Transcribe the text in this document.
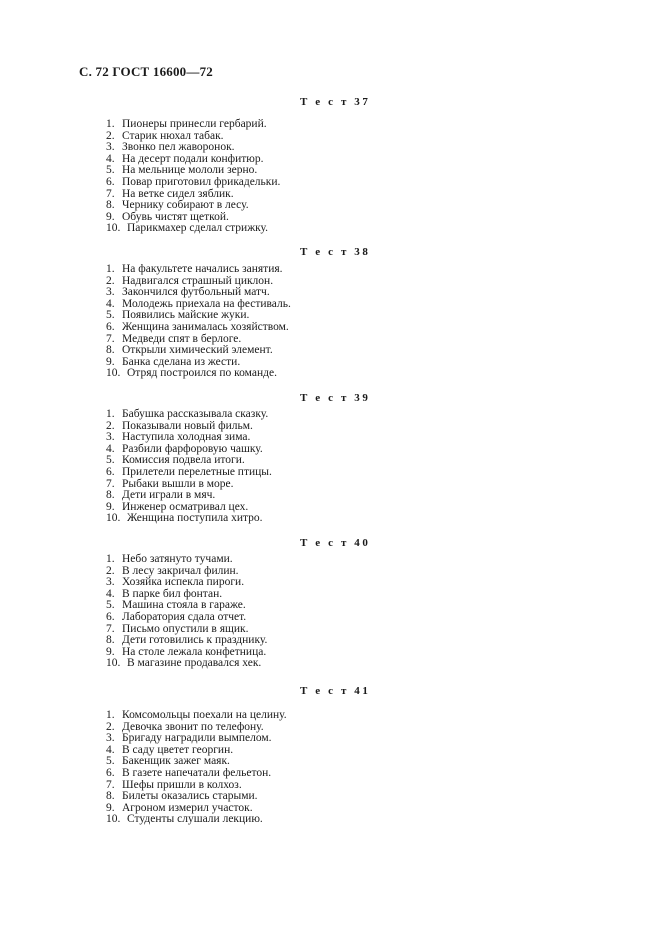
С. 72 ГОСТ 16600—72
Т е с т 37
1. Пионеры принесли гербарий.
2. Старик нюхал табак.
3. Звонко пел жаворонок.
4. На десерт подали конфитюр.
5. На мельнице мололи зерно.
6. Повар приготовил фрикадельки.
7. На ветке сидел зяблик.
8. Чернику собирают в лесу.
9. Обувь чистят щеткой.
10. Парикмахер сделал стрижку.
Т е с т 38
1. На факультете начались занятия.
2. Надвигался страшный циклон.
3. Закончился футбольный матч.
4. Молодежь приехала на фестиваль.
5. Появились майские жуки.
6. Женщина занималась хозяйством.
7. Медведи спят в берлоге.
8. Открыли химический элемент.
9. Банка сделана из жести.
10. Отряд построился по команде.
Т е с т 39
1. Бабушка рассказывала сказку.
2. Показывали новый фильм.
3. Наступила холодная зима.
4. Разбили фарфоровую чашку.
5. Комиссия подвела итоги.
6. Прилетели перелетные птицы.
7. Рыбаки вышли в море.
8. Дети играли в мяч.
9. Инженер осматривал цех.
10. Женщина поступила хитро.
Т е с т 40
1. Небо затянуто тучами.
2. В лесу закричал филин.
3. Хозяйка испекла пироги.
4. В парке бил фонтан.
5. Машина стояла в гараже.
6. Лаборатория сдала отчет.
7. Письмо опустили в ящик.
8. Дети готовились к празднику.
9. На столе лежала конфетница.
10. В магазине продавался хек.
Т е с т 41
1. Комсомольцы поехали на целину.
2. Девочка звонит по телефону.
3. Бригаду наградили вымпелом.
4. В саду цветет георгин.
5. Бакенщик зажег маяк.
6. В газете напечатали фельетон.
7. Шефы пришли в колхоз.
8. Билеты оказались старыми.
9. Агроном измерил участок.
10. Студенты слушали лекцию.
